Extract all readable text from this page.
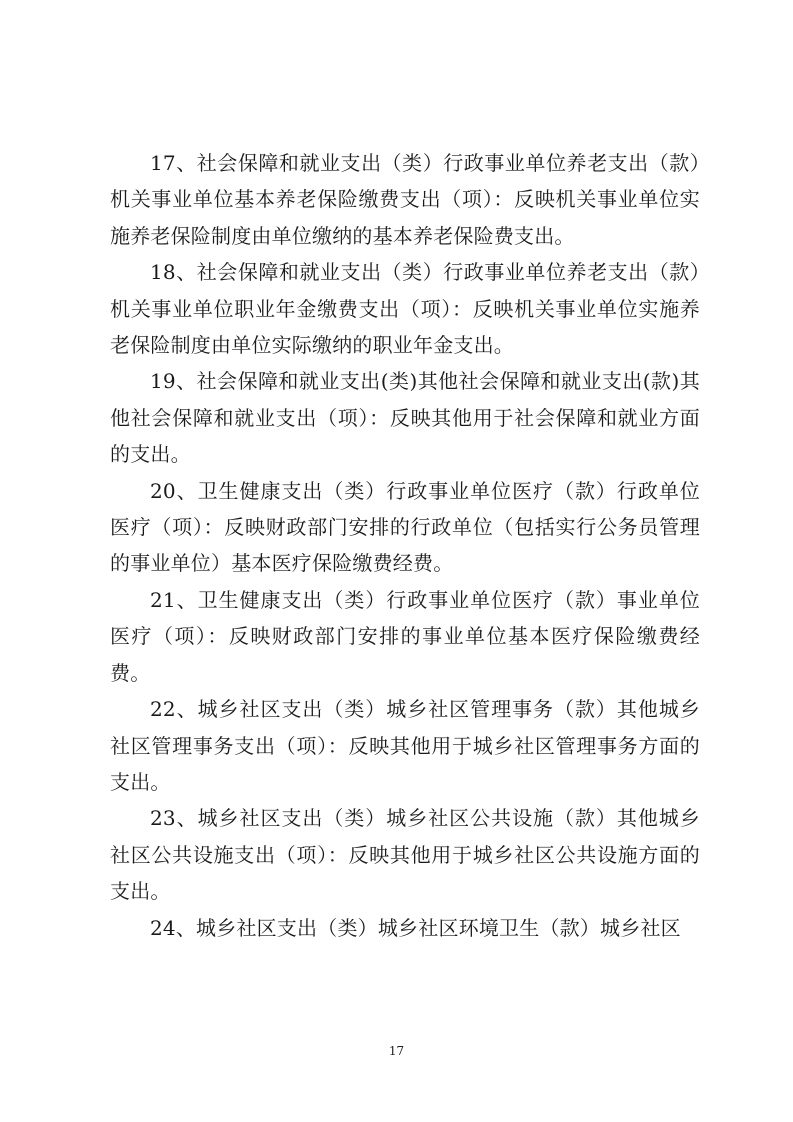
17、社会保障和就业支出（类）行政事业单位养老支出（款）机关事业单位基本养老保险缴费支出（项）：反映机关事业单位实施养老保险制度由单位缴纳的基本养老保险费支出。

18、社会保障和就业支出（类）行政事业单位养老支出（款）机关事业单位职业年金缴费支出（项）：反映机关事业单位实施养老保险制度由单位实际缴纳的职业年金支出。

19、社会保障和就业支出(类)其他社会保障和就业支出(款)其他社会保障和就业支出（项）：反映其他用于社会保障和就业方面的支出。

20、卫生健康支出（类）行政事业单位医疗（款）行政单位医疗（项）：反映财政部门安排的行政单位（包括实行公务员管理的事业单位）基本医疗保险缴费经费。

21、卫生健康支出（类）行政事业单位医疗（款）事业单位医疗（项）：反映财政部门安排的事业单位基本医疗保险缴费经费。

22、城乡社区支出（类）城乡社区管理事务（款）其他城乡社区管理事务支出（项）：反映其他用于城乡社区管理事务方面的支出。

23、城乡社区支出（类）城乡社区公共设施（款）其他城乡社区公共设施支出（项）：反映其他用于城乡社区公共设施方面的支出。

24、城乡社区支出（类）城乡社区环境卫生（款）城乡社区

17
